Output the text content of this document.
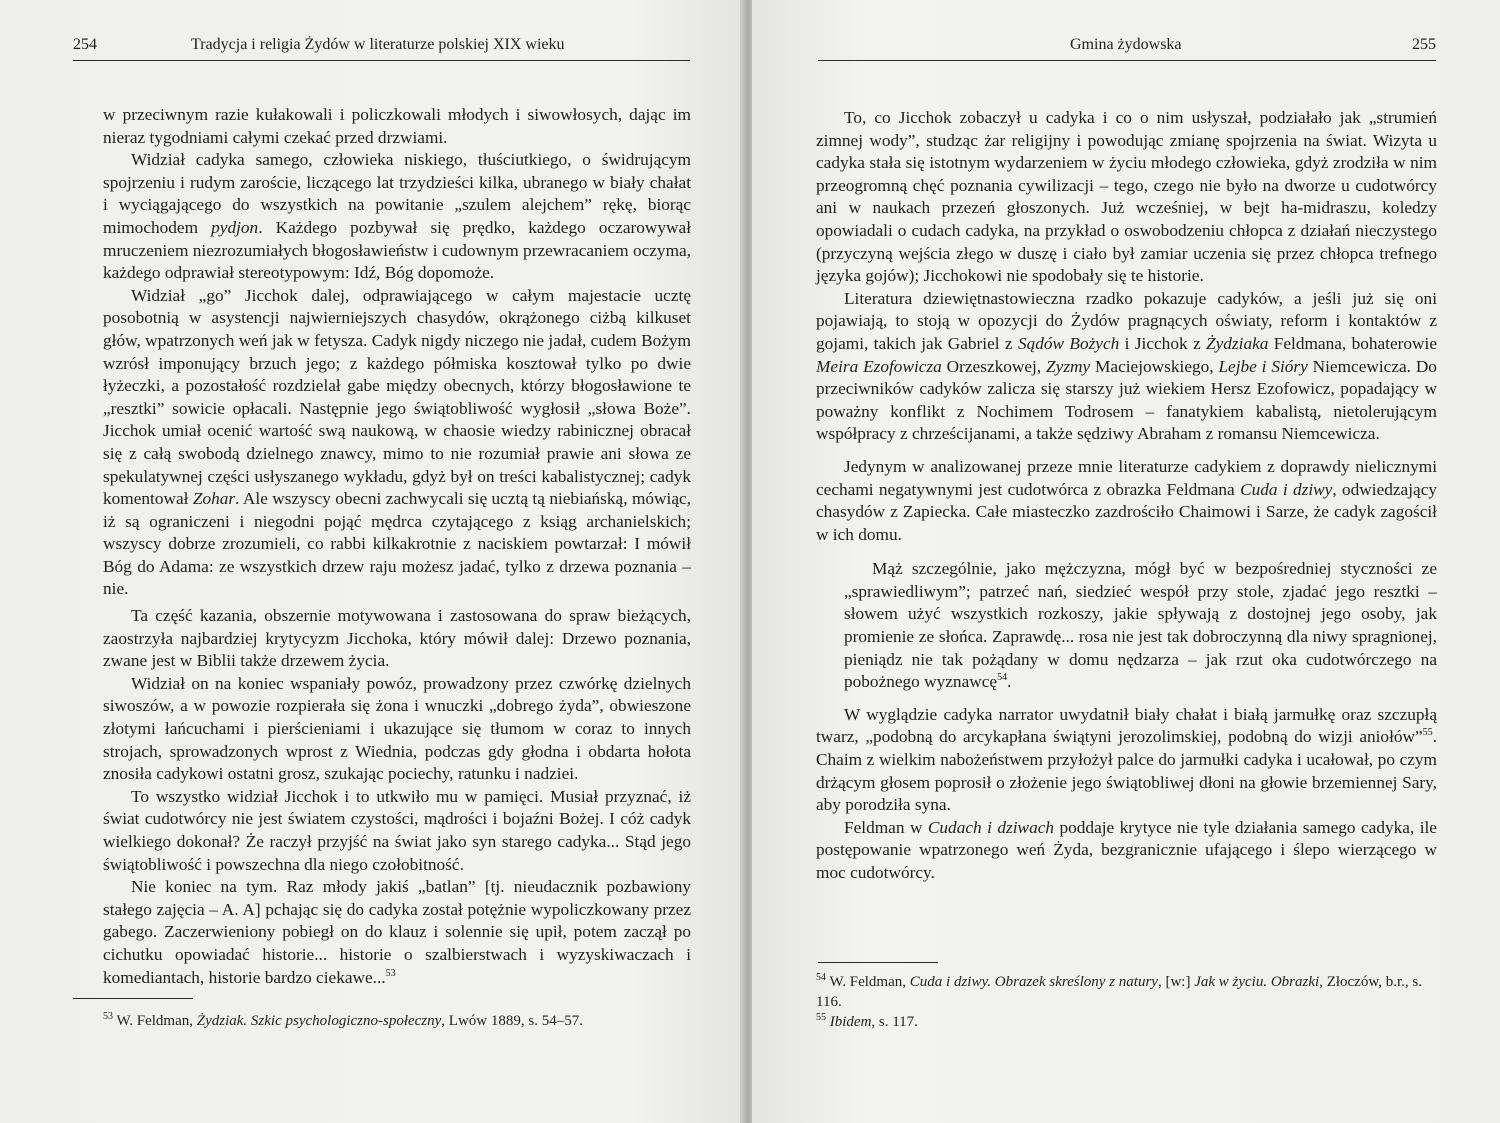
254	Tradycja i religia Żydów w literaturze polskiej XIX wieku

w przeciwnym razie kułakowali i policzkowali młodych i siwowłosych, dając im nieraz tygodniami całymi czekać przed drzwiami.

Widział cadyka samego, człowieka niskiego, tłuściutkiego, o świdrującym spojrzeniu i rudym zaroście, liczącego lat trzydzieści kilka, ubranego w biały chałat i wyciągającego do wszystkich na powitanie „szulem alejchem” rękę, biorąc mimochodem pydjon. Każdego pozbywał się prędko, każdego oczarowywał mruczeniem niezrozumiałych błogosławieństw i cudownym przewracaniem oczyma, każdego odprawiał stereotypowym: Idź, Bóg dopomoże.

Widział „go” Jicchok dalej, odprawiającego w całym majestacie ucztę posobotnią w asystencji najwierniejszych chasydów, okrążonego ciżbą kilkuset głów, wpatrzonych weń jak w fetysza. Cadyk nigdy niczego nie jadał, cudem Bożym wzrósł imponujący brzuch jego; z każdego półmiska kosztował tylko po dwie łyżeczki, a pozostałość rozdzielał gabe między obecnych, którzy błogosławione te „resztki” sowicie opłacali. Następnie jego świątobliwość wygłosił „słowa Boże”. Jicchok umiał ocenić wartość swą naukową, w chaosie wiedzy rabinicznej obracał się z całą swobodą dzielnego znawcy, mimo to nie rozumiał prawie ani słowa ze spekulatywnej części usłyszanego wykładu, gdyż był on treści kabalistycznej; cadyk komentował Zohar. Ale wszyscy obecni zachwycali się ucztą tą niebiańską, mówiąc, iż są ograniczeni i niegodni pojąć mędrca czytającego z ksiąg archanielskich; wszyscy dobrze zrozumieli, co rabbi kilkakrotnie z naciskiem powtarzał: I mówił Bóg do Adama: ze wszystkich drzew raju możesz jadać, tylko z drzewa poznania – nie.

Ta część kazania, obszernie motywowana i zastosowana do spraw bieżących, zaostrzyła najbardziej krytycyzm Jicchoka, który mówił dalej: Drzewo poznania, zwane jest w Biblii także drzewem życia.

Widział on na koniec wspaniały powóz, prowadzony przez czwórkę dzielnych siwoszów, a w powozie rozpierała się żona i wnuczki „dobrego żyda”, obwieszone złotymi łańcuchami i pierścieniami i ukazujące się tłumom w coraz to innych strojach, sprowadzonych wprost z Wiednia, podczas gdy głodna i obdarta hołota znosiła cadykowi ostatni grosz, szukając pociechy, ratunku i nadziei.

To wszystko widział Jicchok i to utkwiło mu w pamięci. Musiał przyznać, iż świat cudotwórcy nie jest światem czystości, mądrości i bojaźni Bożej. I cóż cadyk wielkiego dokonał? Że raczył przyjść na świat jako syn starego cadyka... Stąd jego świątobliwość i powszechna dla niego czołobitność.

Nie koniec na tym. Raz młody jakiś „batlan” [tj. nieudacznik pozbawiony stałego zajęcia – A. A] pchając się do cadyka został potężnie wypoliczkowany przez gabego. Zaczerwieniony pobiegł on do klauz i solennie się upił, potem zaczął po cichutku opowiadać historie... historie o szalbierstwach i wyzyskiwaczach i komediantach, historie bardzo ciekawe...$^{53}$

$^{53}$ W. Feldman, Żydziak. Szkic psychologiczno-społeczny, Lwów 1889, s. 54–57.

Gmina żydowska	255

To, co Jicchok zobaczył u cadyka i co o nim usłyszał, podziałało jak „strumień zimnej wody”, studząc żar religijny i powodując zmianę spojrzenia na świat. Wizyta u cadyka stała się istotnym wydarzeniem w życiu młodego człowieka, gdyż zrodziła w nim przeogromną chęć poznania cywilizacji – tego, czego nie było na dworze u cudotwórcy ani w naukach przezeń głoszonych. Już wcześniej, w bejt ha-midraszu, koledzy opowiadali o cudach cadyka, na przykład o oswobodzeniu chłopca z działań nieczystego (przyczyną wejścia złego w duszę i ciało był zamiar uczenia się przez chłopca trefnego języka gojów); Jicchokowi nie spodobały się te historie.

Literatura dziewiętnastowieczna rzadko pokazuje cadyków, a jeśli już się oni pojawiają, to stoją w opozycji do Żydów pragnących oświaty, reform i kontaktów z gojami, takich jak Gabriel z Sądów Bożych i Jicchok z Żydziaka Feldmana, bohaterowie Meira Ezofowicza Orzeszkowej, Zyzmy Maciejowskiego, Lejbe i Sióry Niemcewicza. Do przeciwników cadyków zalicza się starszy już wiekiem Hersz Ezofowicz, popadający w poważny konflikt z Nochimem Todrosem – fanatykiem kabalistą, nietolerującym współpracy z chrześcijanami, a także sędziwy Abraham z romansu Niemcewicza.

Jedynym w analizowanej przeze mnie literaturze cadykiem z doprawdy nielicznymi cechami negatywnymi jest cudotwórca z obrazka Feldmana Cuda i dziwy, odwiedzający chasydów z Zapiecka. Całe miasteczko zazdrościło Chaimowi i Sarze, że cadyk zagościł w ich domu.

Mąż szczególnie, jako mężczyzna, mógł być w bezpośredniej styczności ze „sprawiedliwym”; patrzeć nań, siedzieć wespół przy stole, zjadać jego resztki – słowem użyć wszystkich rozkoszy, jakie spływają z dostojnej jego osoby, jak promienie ze słońca. Zaprawdę... rosa nie jest tak dobroczynną dla niwy spragnionej, pieniądz nie tak pożądany w domu nędzarza – jak rzut oka cudotwórczego na pobożnego wyznawcę$^{54}$.

W wyglądzie cadyka narrator uwydatnił biały chałat i białą jarmułkę oraz szczupłą twarz, „podobną do arcykapłana świątyni jerozolimskiej, podobną do wizji aniołów”$^{55}$. Chaim z wielkim nabożeństwem przyłożył palce do jarmułki cadyka i ucałował, po czym drżącym głosem poprosił o złożenie jego świątobliwej dłoni na głowie brzemiennej Sary, aby porodziła syna.

Feldman w Cudach i dziwach poddaje krytyce nie tyle działania samego cadyka, ile postępowanie wpatrzonego weń Żyda, bezgranicznie ufającego i ślepo wierzącego w moc cudotwórcy.

$^{54}$ W. Feldman, Cuda i dziwy. Obrazek skreślony z natury, [w:] Jak w życiu. Obrazki, Złoczów, b.r., s. 116.

$^{55}$ Ibidem, s. 117.
